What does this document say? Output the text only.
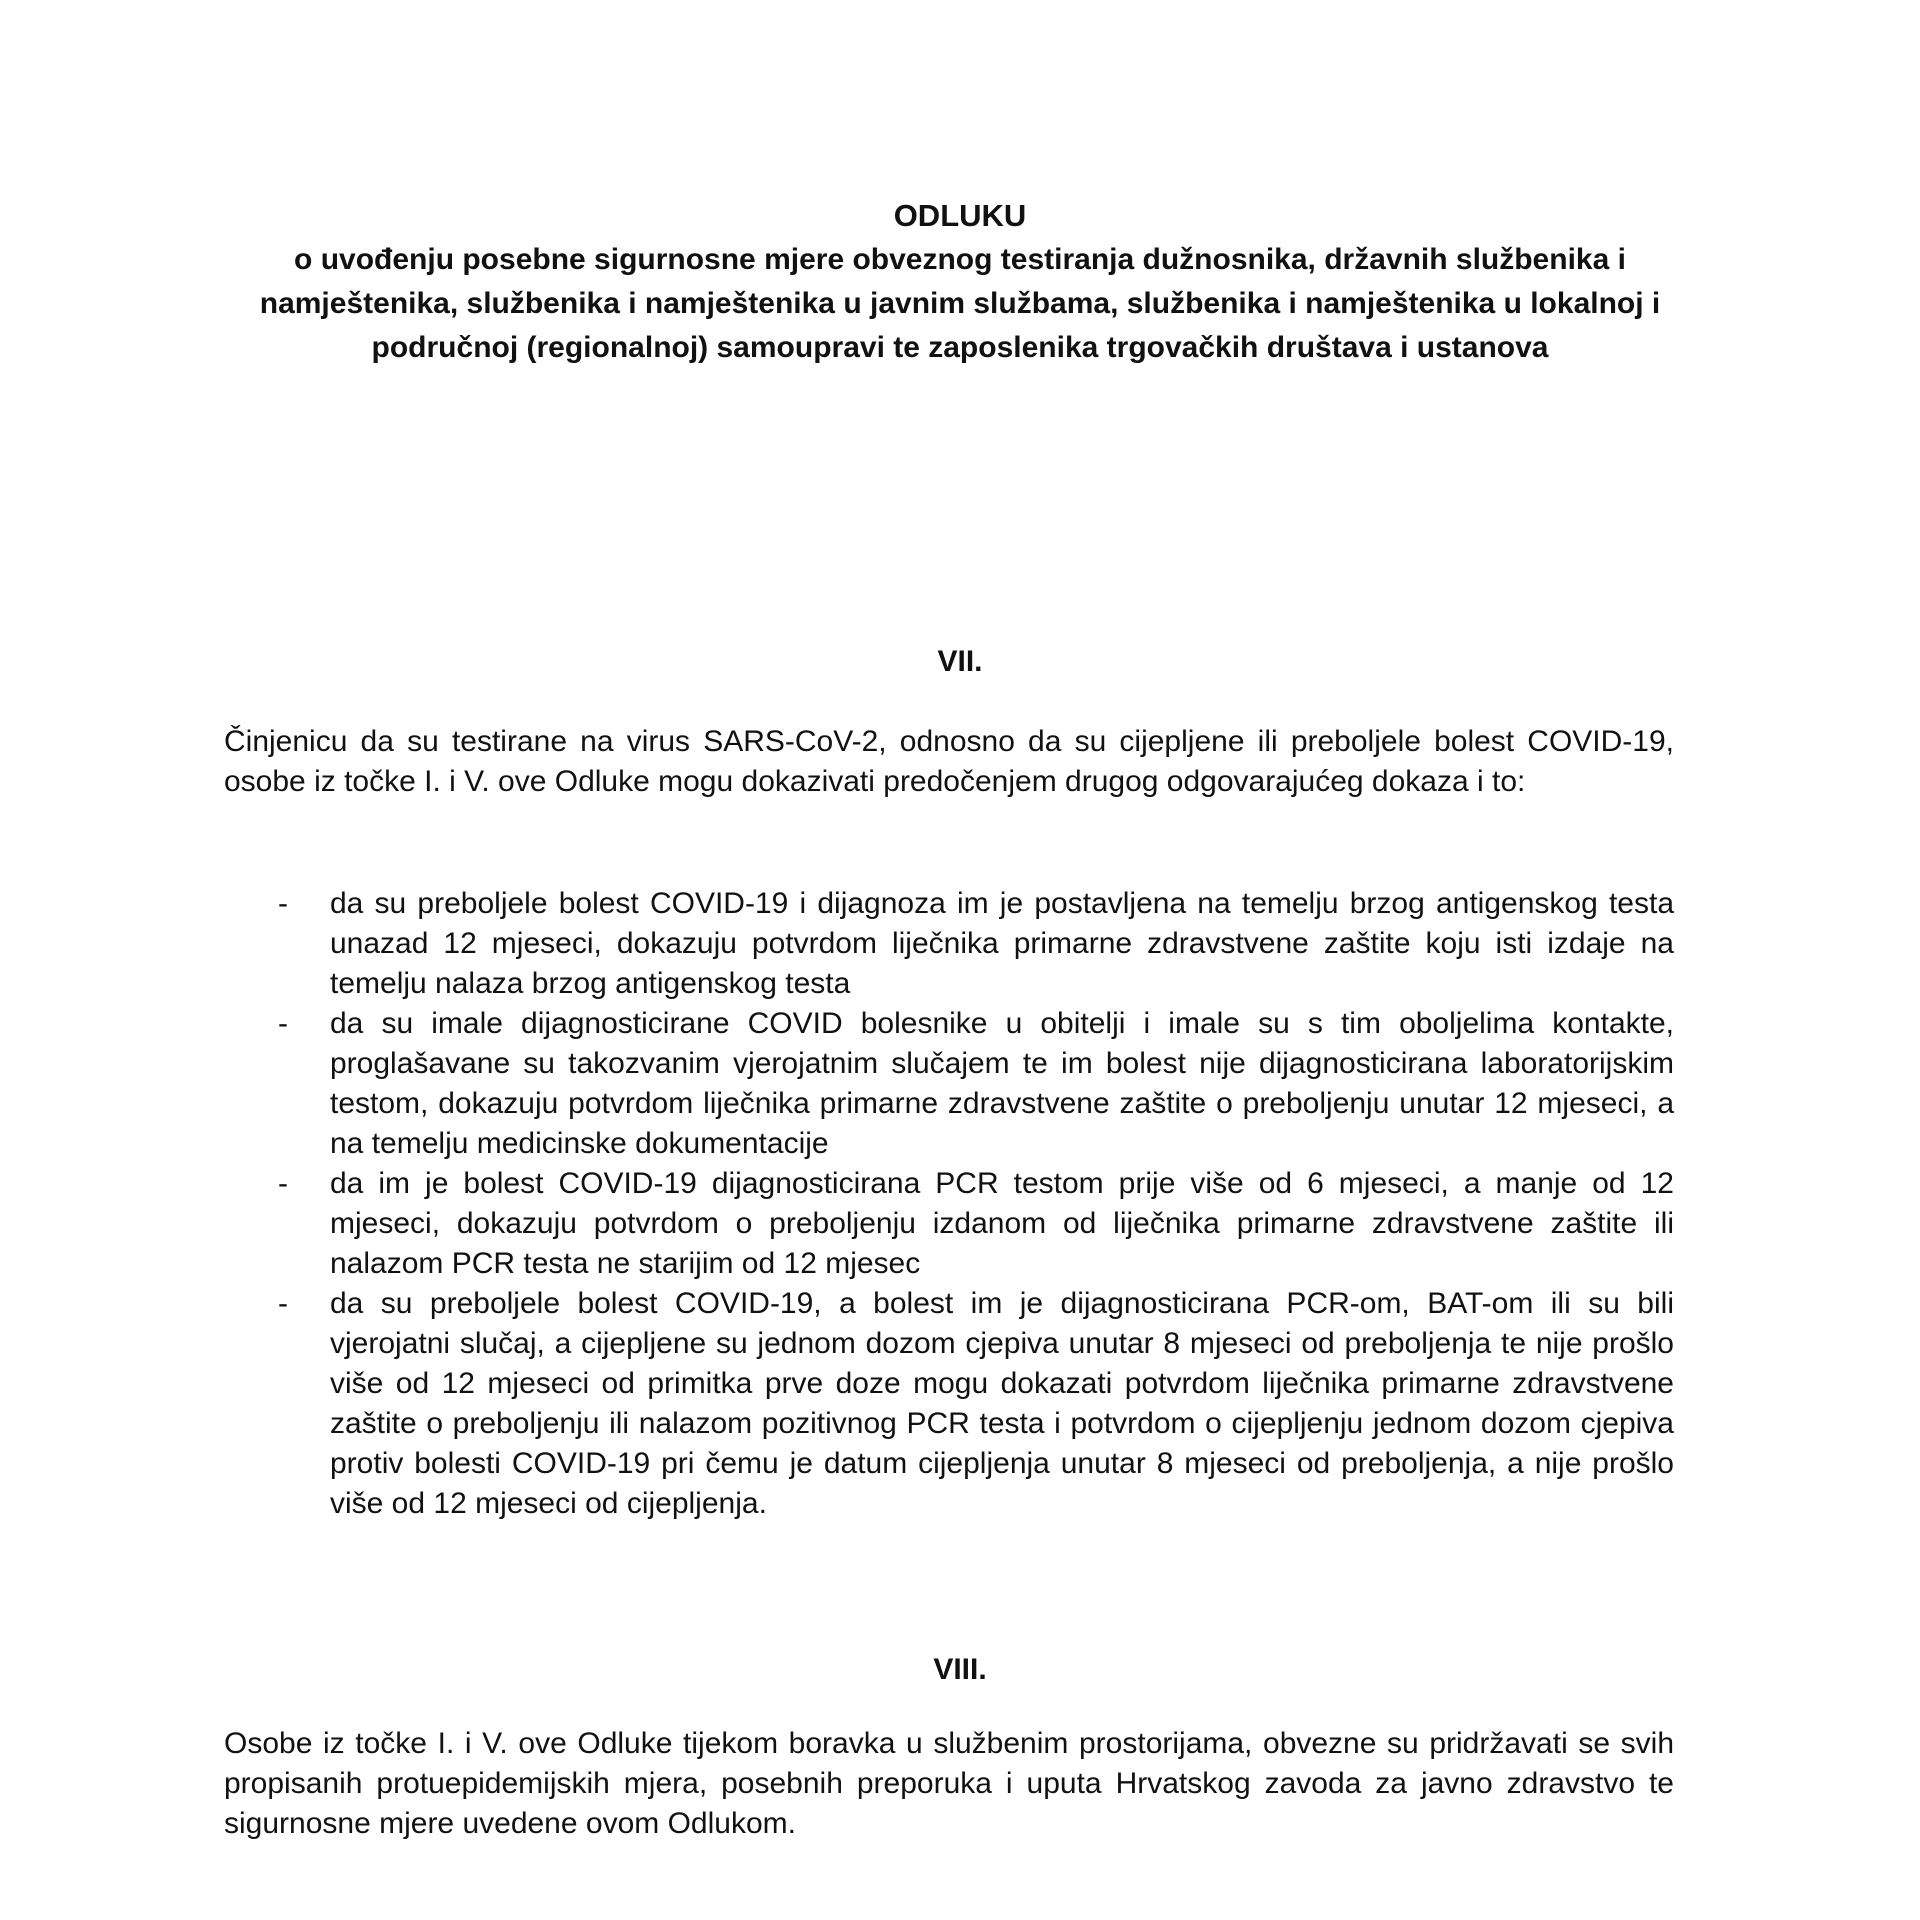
ODLUKU

o uvođenju posebne sigurnosne mjere obveznog testiranja dužnosnika, državnih službenika i namještenika, službenika i namještenika u javnim službama, službenika i namještenika u lokalnoj i područnoj (regionalnoj) samoupravi te zaposlenika trgovačkih društava i ustanova

VII.

Činjenicu da su testirane na virus SARS-CoV-2, odnosno da su cijepljene ili preboljele bolest COVID-19, osobe iz točke I. i V. ove Odluke mogu dokazivati predočenjem drugog odgovarajućeg dokaza i to:

- da su preboljele bolest COVID-19 i dijagnoza im je postavljena na temelju brzog antigenskog testa unazad 12 mjeseci, dokazuju potvrdom liječnika primarne zdravstvene zaštite koju isti izdaje na temelju nalaza brzog antigenskog testa
- da su imale dijagnosticirane COVID bolesnike u obitelji i imale su s tim oboljelima kontakte, proglašavane su takozvanim vjerojatnim slučajem te im bolest nije dijagnosticirana laboratorijskim testom, dokazuju potvrdom liječnika primarne zdravstvene zaštite o preboljenju unutar 12 mjeseci, a na temelju medicinske dokumentacije
- da im je bolest COVID-19 dijagnosticirana PCR testom prije više od 6 mjeseci, a manje od 12 mjeseci, dokazuju potvrdom o preboljenju izdanom od liječnika primarne zdravstvene zaštite ili nalazom PCR testa ne starijim od 12 mjesec
- da su preboljele bolest COVID-19, a bolest im je dijagnosticirana PCR-om, BAT-om ili su bili vjerojatni slučaj, a cijepljene su jednom dozom cjepiva unutar 8 mjeseci od preboljenja te nije prošlo više od 12 mjeseci od primitka prve doze mogu dokazati potvrdom liječnika primarne zdravstvene zaštite o preboljenju ili nalazom pozitivnog PCR testa i potvrdom o cijepljenju jednom dozom cjepiva protiv bolesti COVID-19 pri čemu je datum cijepljenja unutar 8 mjeseci od preboljenja, a nije prošlo više od 12 mjeseci od cijepljenja.
VIII.

Osobe iz točke I. i V. ove Odluke tijekom boravka u službenim prostorijama, obvezne su pridržavati se svih propisanih protuepidemijskih mjera, posebnih preporuka i uputa Hrvatskog zavoda za javno zdravstvo te sigurnosne mjere uvedene ovom Odlukom.
